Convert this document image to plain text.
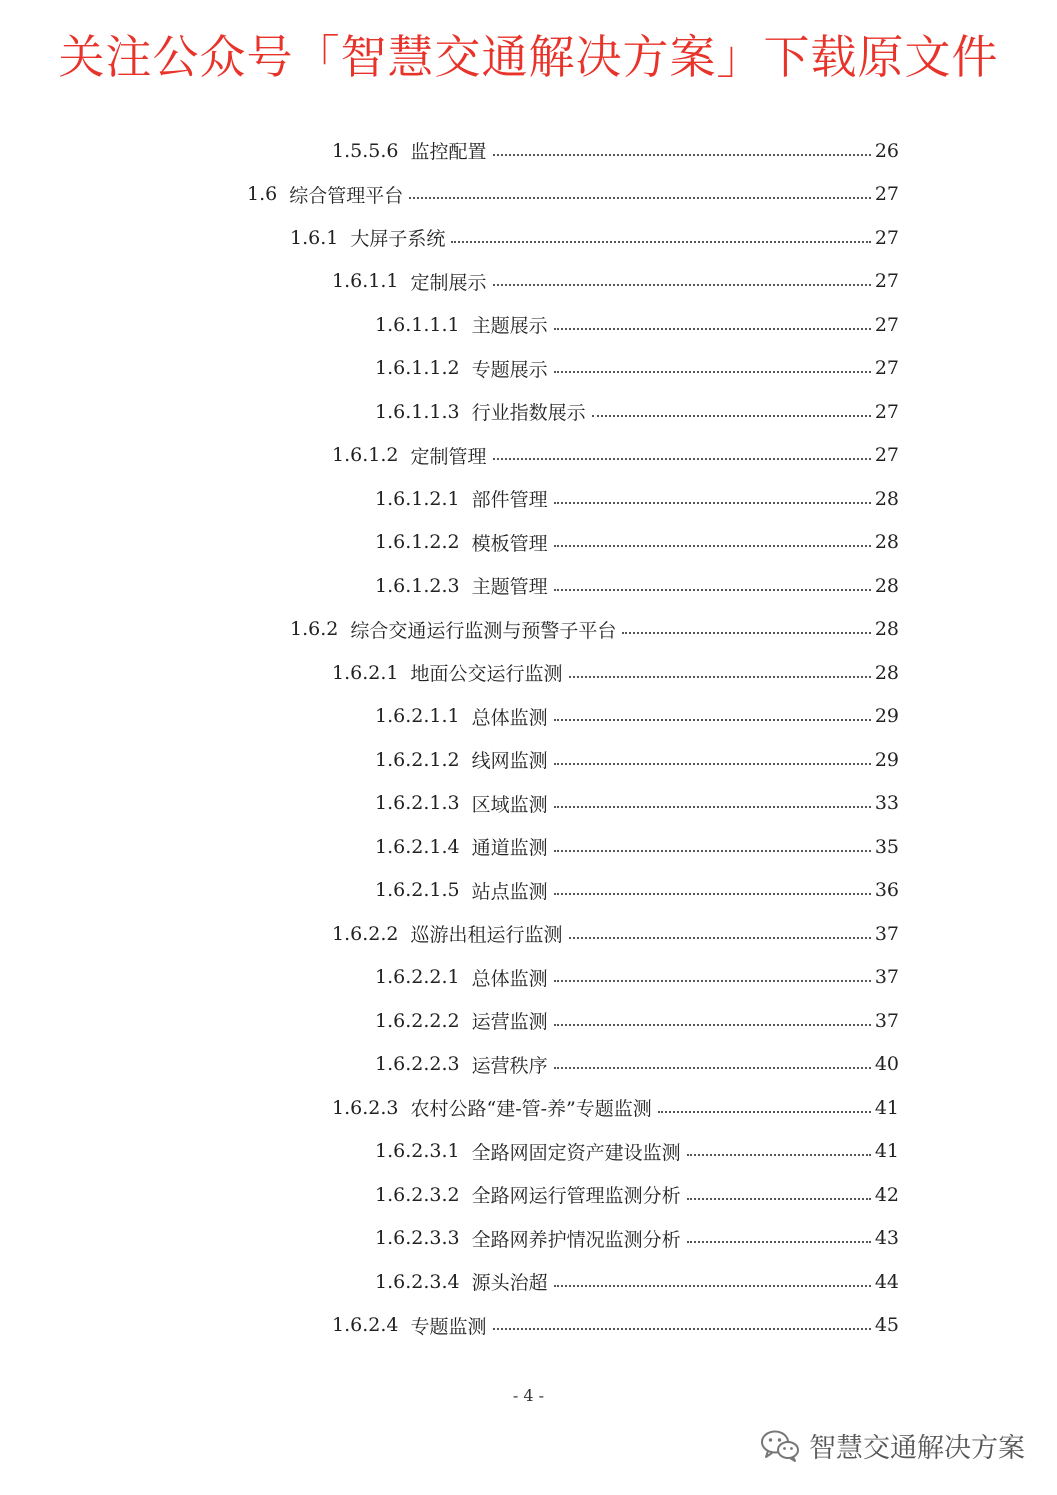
关注公众号「智慧交通解决方案」下载原文件
1.5.5.6 监控配置	26
1.6 综合管理平台	27
1.6.1 大屏子系统	27
1.6.1.1 定制展示	27
1.6.1.1.1 主题展示	27
1.6.1.1.2 专题展示	27
1.6.1.1.3 行业指数展示	27
1.6.1.2 定制管理	27
1.6.1.2.1 部件管理	28
1.6.1.2.2 模板管理	28
1.6.1.2.3 主题管理	28
1.6.2 综合交通运行监测与预警子平台	28
1.6.2.1 地面公交运行监测	28
1.6.2.1.1 总体监测	29
1.6.2.1.2 线网监测	29
1.6.2.1.3 区域监测	33
1.6.2.1.4 通道监测	35
1.6.2.1.5 站点监测	36
1.6.2.2 巡游出租运行监测	37
1.6.2.2.1 总体监测	37
1.6.2.2.2 运营监测	37
1.6.2.2.3 运营秩序	40
1.6.2.3 农村公路“建-管-养”专题监测	41
1.6.2.3.1 全路网固定资产建设监测	41
1.6.2.3.2 全路网运行管理监测分析	42
1.6.2.3.3 全路网养护情况监测分析	43
1.6.2.3.4 源头治超	44
1.6.2.4 专题监测	45
- 4 -
智慧交通解决方案
